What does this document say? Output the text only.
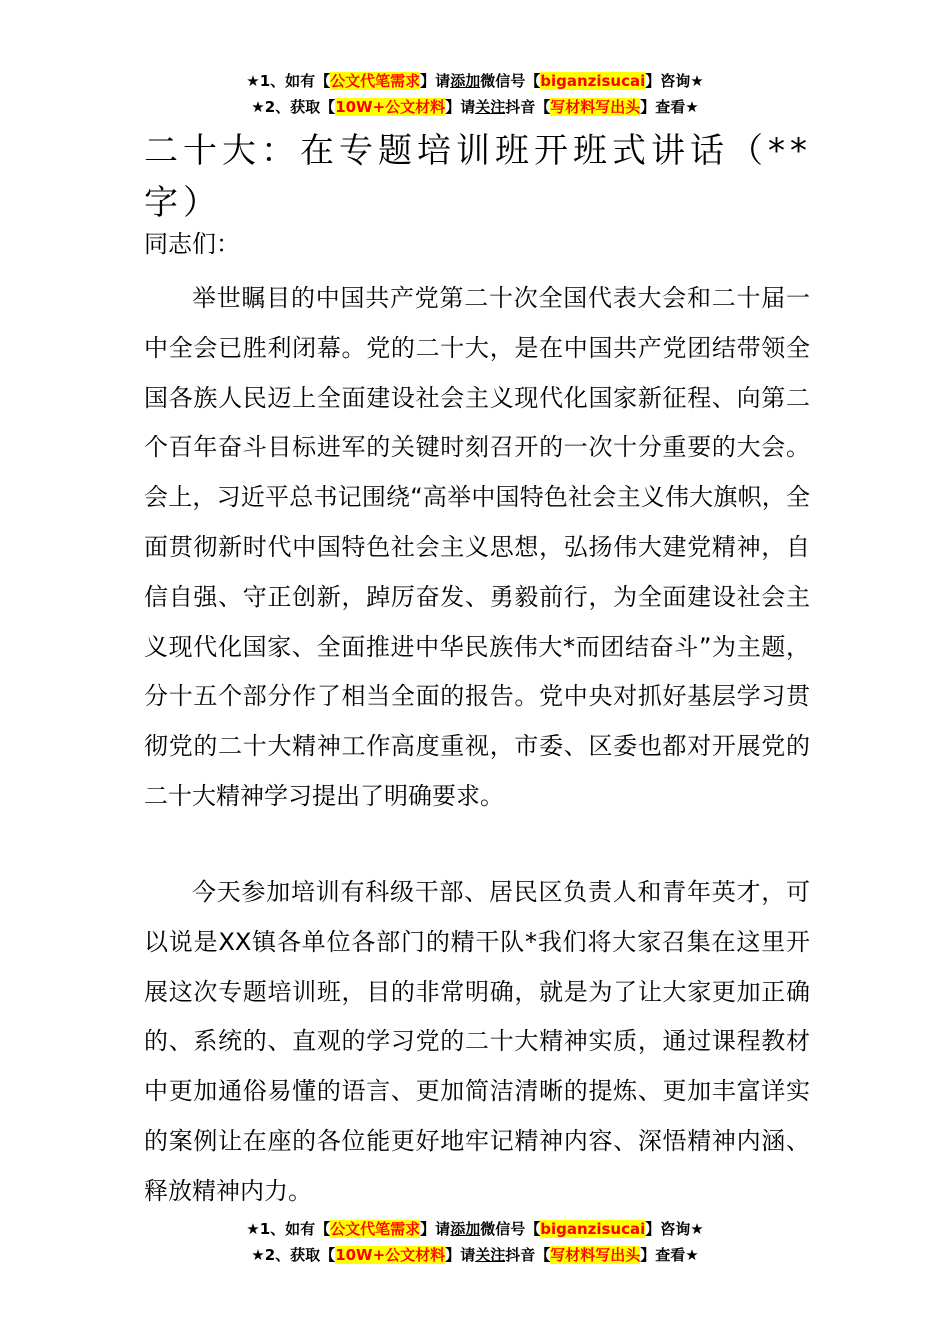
★1、如有【公文代笔需求】请添加微信号【biganzisucai】咨询★
★2、获取【10W+公文材料】请关注抖音【写材料写出头】查看★
二十大：在专题培训班开班式讲话（**字）
同志们：
举世瞩目的中国共产党第二十次全国代表大会和二十届一中全会已胜利闭幕。党的二十大，是在中国共产党团结带领全国各族人民迈上全面建设社会主义现代化国家新征程、向第二个百年奋斗目标进军的关键时刻召开的一次十分重要的大会。会上，习近平总书记围绕“高举中国特色社会主义伟大旗帜，全面贯彻新时代中国特色社会主义思想，弘扬伟大建党精神，自信自强、守正创新，踔厉奋发、勇毅前行，为全面建设社会主义现代化国家、全面推进中华民族伟大*而团结奋斗”为主题，分十五个部分作了相当全面的报告。党中央对抓好基层学习贯彻党的二十大精神工作高度重视，市委、区委也都对开展党的二十大精神学习提出了明确要求。
今天参加培训有科级干部、居民区负责人和青年英才，可以说是XX镇各单位各部门的精干队*我们将大家召集在这里开展这次专题培训班，目的非常明确，就是为了让大家更加正确的、系统的、直观的学习党的二十大精神实质，通过课程教材中更加通俗易懂的语言、更加简洁清晰的提炼、更加丰富详实的案例让在座的各位能更好地牢记精神内容、深悟精神内涵、释放精神内力。
★1、如有【公文代笔需求】请添加微信号【biganzisucai】咨询★
★2、获取【10W+公文材料】请关注抖音【写材料写出头】查看★
